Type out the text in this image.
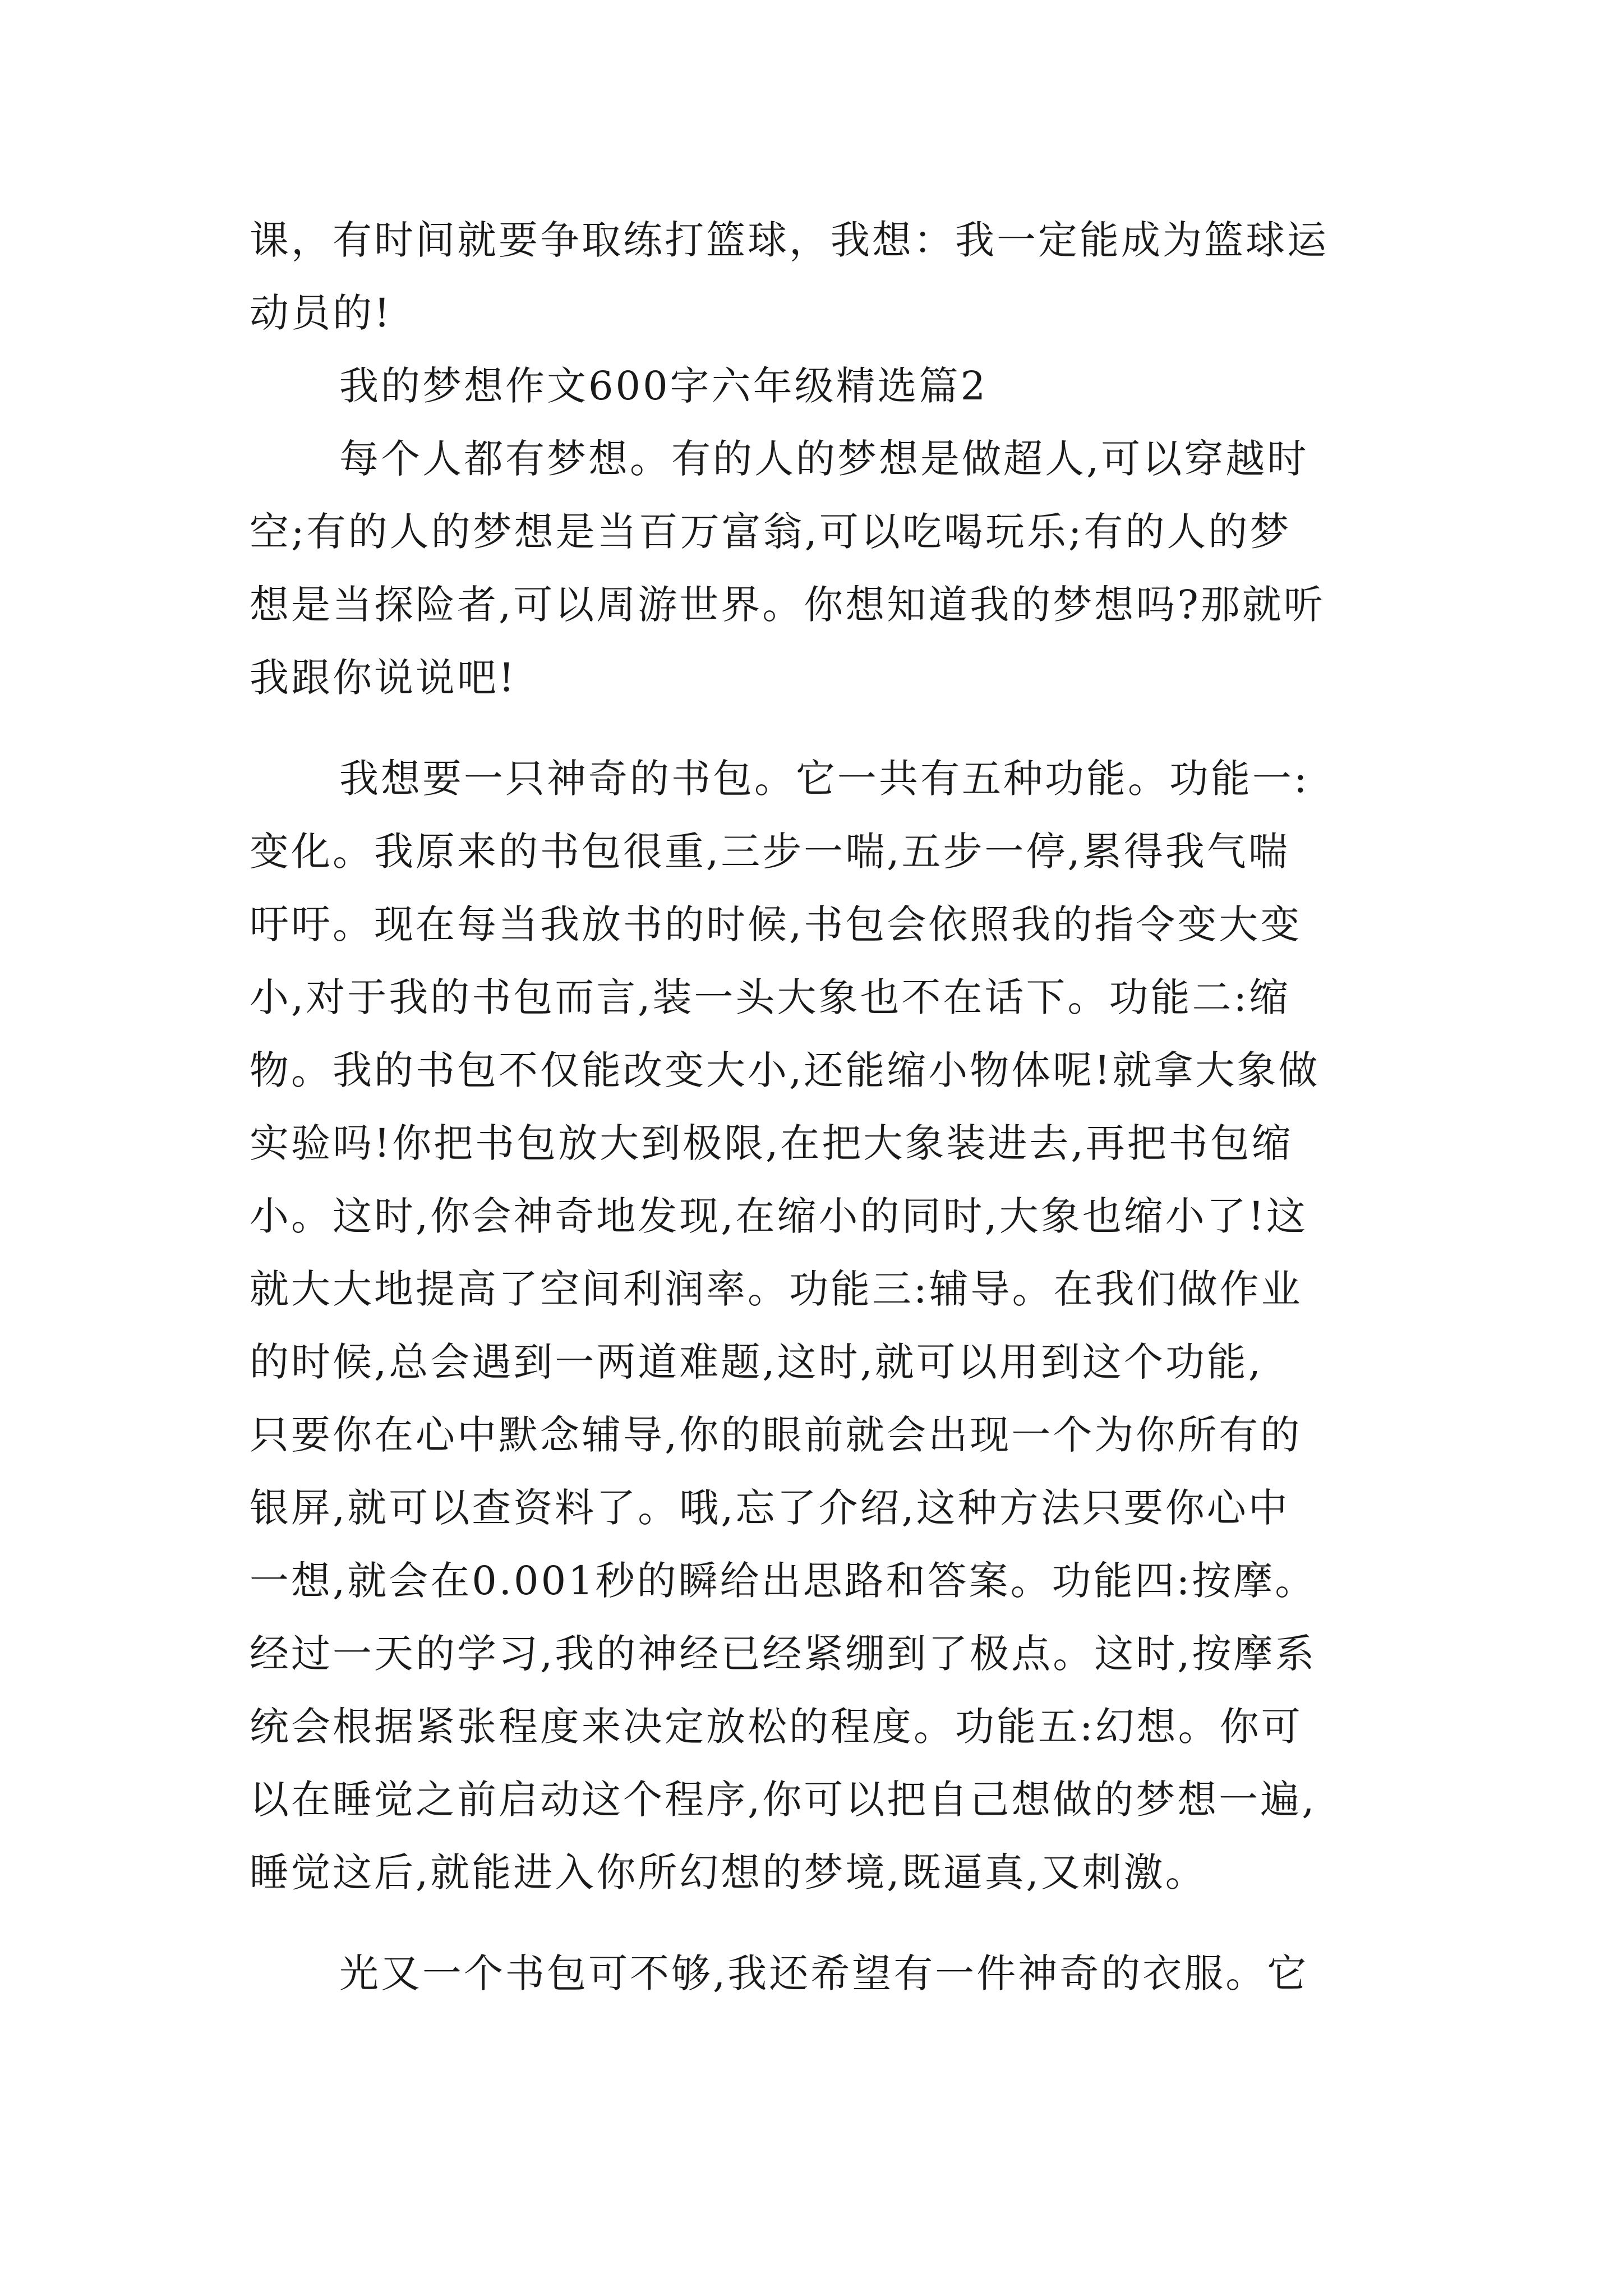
课，有时间就要争取练打篮球，我想：我一定能成为篮球运
动员的!
我的梦想作文600字六年级精选篇2
每个人都有梦想。有的人的梦想是做超人,可以穿越时
空;有的人的梦想是当百万富翁,可以吃喝玩乐;有的人的梦
想是当探险者,可以周游世界。你想知道我的梦想吗?那就听
我跟你说说吧!
我想要一只神奇的书包。它一共有五种功能。功能一:
变化。我原来的书包很重,三步一喘,五步一停,累得我气喘
吁吁。现在每当我放书的时候,书包会依照我的指令变大变
小,对于我的书包而言,装一头大象也不在话下。功能二:缩
物。我的书包不仅能改变大小,还能缩小物体呢!就拿大象做
实验吗!你把书包放大到极限,在把大象装进去,再把书包缩
小。这时,你会神奇地发现,在缩小的同时,大象也缩小了!这
就大大地提高了空间利润率。功能三:辅导。在我们做作业
的时候,总会遇到一两道难题,这时,就可以用到这个功能,
只要你在心中默念辅导,你的眼前就会出现一个为你所有的
银屏,就可以查资料了。哦,忘了介绍,这种方法只要你心中
一想,就会在0.001秒的瞬给出思路和答案。功能四:按摩。
经过一天的学习,我的神经已经紧绷到了极点。这时,按摩系
统会根据紧张程度来决定放松的程度。功能五:幻想。你可
以在睡觉之前启动这个程序,你可以把自己想做的梦想一遍,
睡觉这后,就能进入你所幻想的梦境,既逼真,又刺激。
光又一个书包可不够,我还希望有一件神奇的衣服。它
